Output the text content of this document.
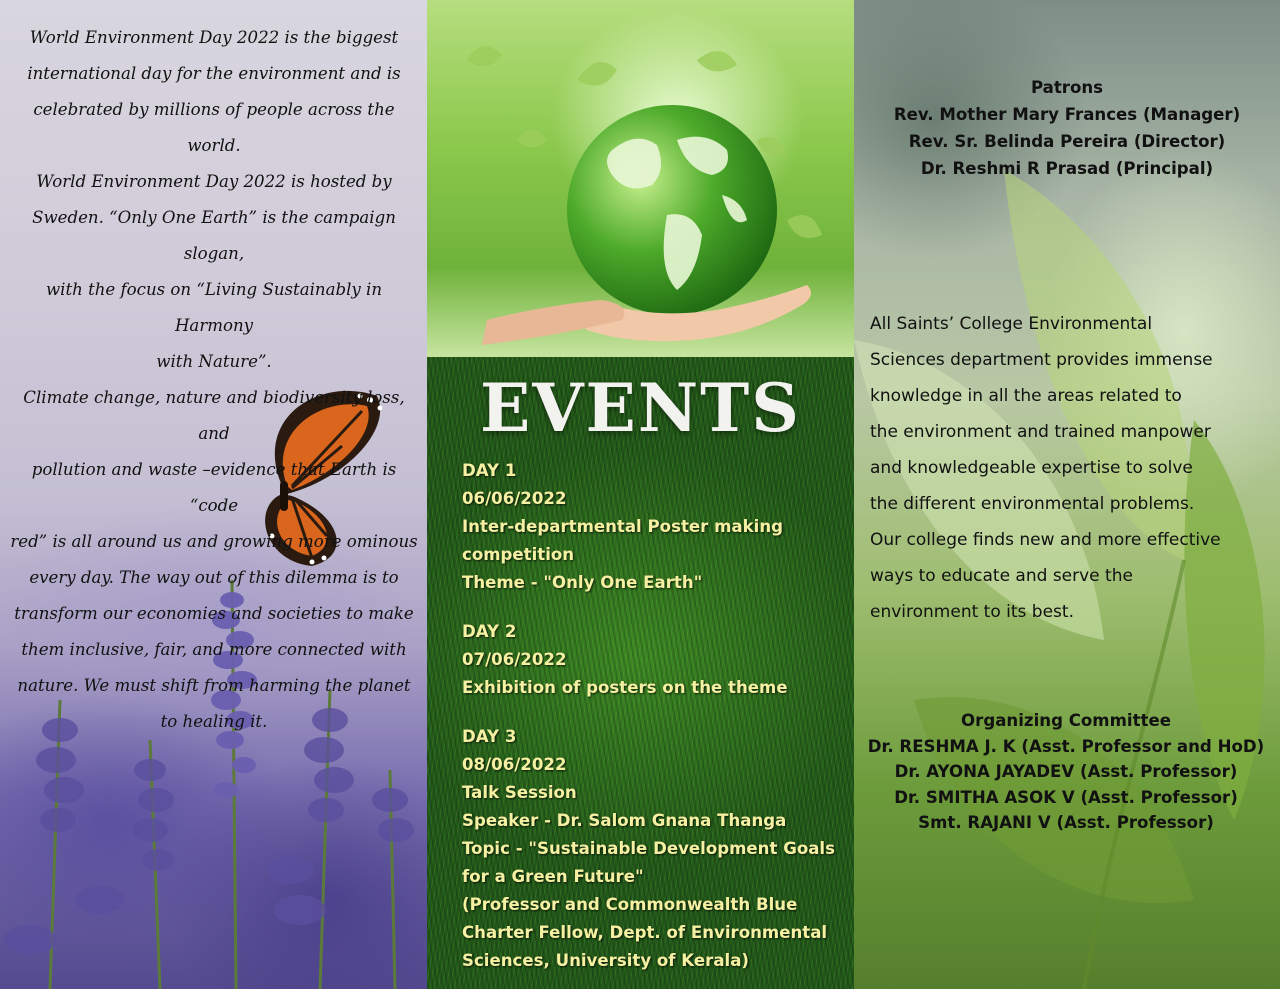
World Environment Day 2022 is the biggest
international day for the environment and is
celebrated by millions of people across the world.
World Environment Day 2022 is hosted by
Sweden. “Only One Earth” is the campaign slogan,
with the focus on “Living Sustainably in Harmony
with Nature”.
Climate change, nature and biodiversity loss, and
pollution and waste –evidence that Earth is “code
red” is all around us and growing more ominous
every day. The way out of this dilemma is to
transform our economies and societies to make
them inclusive, fair, and more connected with
nature. We must shift from harming the planet
to healing it.

EVENTS
DAY 1
06/06/2022
Inter-departmental Poster making
competition
Theme - "Only One Earth"
DAY 2
07/06/2022
Exhibition of posters on the theme
DAY 3
08/06/2022
Talk Session
Speaker - Dr. Salom Gnana Thanga
Topic - "Sustainable Development Goals
for a Green Future"
(Professor and Commonwealth Blue
Charter Fellow, Dept. of Environmental
Sciences, University of Kerala)
Patrons
Rev. Mother Mary Frances (Manager)
Rev. Sr. Belinda Pereira (Director)
Dr. Reshmi R Prasad (Principal)

All Saints’ College Environmental
Sciences department provides immense
knowledge in all the areas related to
the environment and trained manpower
and knowledgeable expertise to solve
the different environmental problems.
Our college finds new and more effective
ways to educate and serve the
environment to its best.

Organizing Committee
Dr. RESHMA J. K (Asst. Professor and HoD)
Dr. AYONA JAYADEV (Asst. Professor)
Dr. SMITHA ASOK V (Asst. Professor)
Smt. RAJANI V (Asst. Professor)
